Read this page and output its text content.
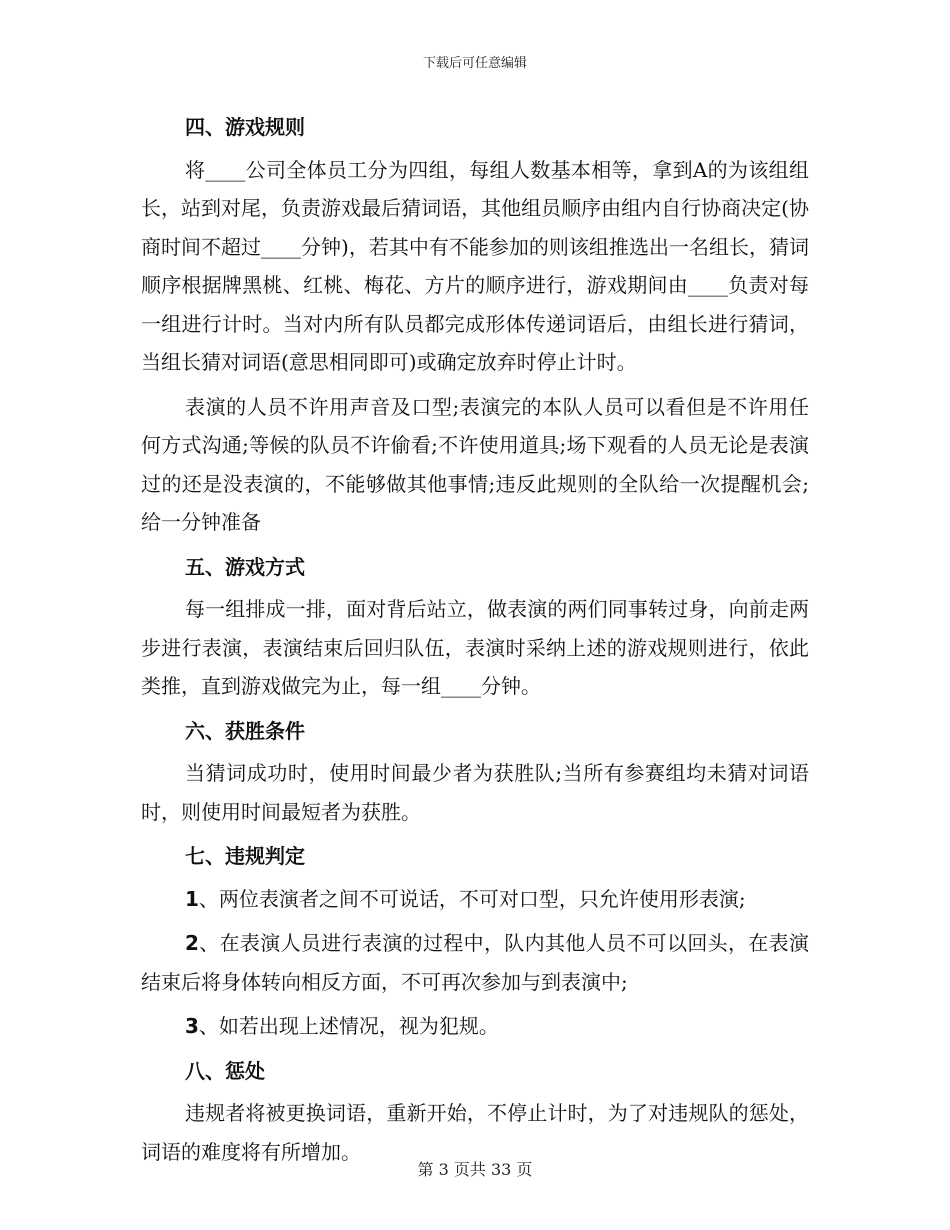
下载后可任意编辑
四、游戏规则
将____公司全体员工分为四组，每组人数基本相等，拿到A的为该组组长，站到对尾，负责游戏最后猜词语，其他组员顺序由组内自行协商决定(协商时间不超过____分钟)，若其中有不能参加的则该组推选出一名组长，猜词顺序根据牌黑桃、红桃、梅花、方片的顺序进行，游戏期间由____负责对每一组进行计时。当对内所有队员都完成形体传递词语后，由组长进行猜词，当组长猜对词语(意思相同即可)或确定放弃时停止计时。
表演的人员不许用声音及口型;表演完的本队人员可以看但是不许用任何方式沟通;等候的队员不许偷看;不许使用道具;场下观看的人员无论是表演过的还是没表演的，不能够做其他事情;违反此规则的全队给一次提醒机会;给一分钟准备
五、游戏方式
每一组排成一排，面对背后站立，做表演的两们同事转过身，向前走两步进行表演，表演结束后回归队伍，表演时采纳上述的游戏规则进行，依此类推，直到游戏做完为止，每一组____分钟。
六、获胜条件
当猜词成功时，使用时间最少者为获胜队;当所有参赛组均未猜对词语时，则使用时间最短者为获胜。
七、违规判定
1、两位表演者之间不可说话，不可对口型，只允许使用形表演;
2、在表演人员进行表演的过程中，队内其他人员不可以回头，在表演结束后将身体转向相反方面，不可再次参加与到表演中;
3、如若出现上述情况，视为犯规。
八、惩处
违规者将被更换词语，重新开始，不停止计时，为了对违规队的惩处，词语的难度将有所增加。
第 3 页共 33 页
